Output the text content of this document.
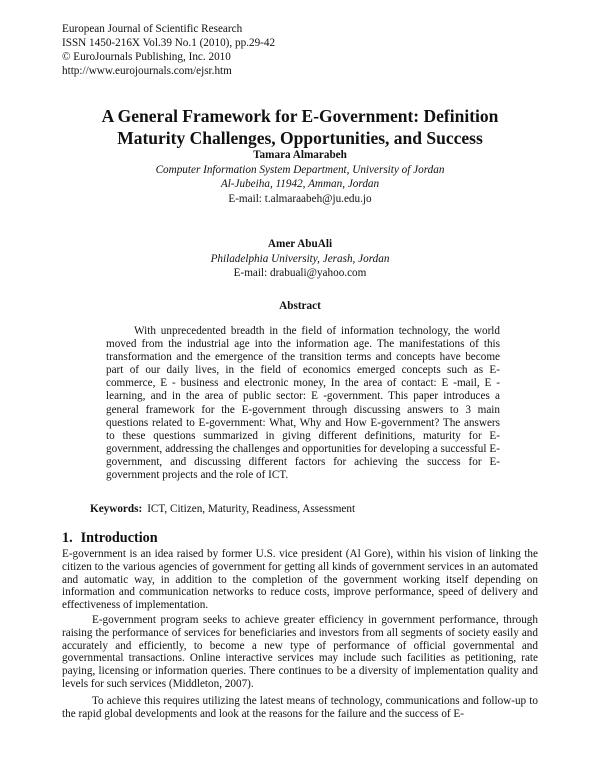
European Journal of Scientific Research
ISSN 1450-216X Vol.39 No.1 (2010), pp.29-42
© EuroJournals Publishing, Inc. 2010
http://www.eurojournals.com/ejsr.htm
A General Framework for E-Government: Definition
Maturity Challenges, Opportunities, and Success
Tamara Almarabeh
Computer Information System Department, University of Jordan
Al-Jubeiha, 11942, Amman, Jordan
E-mail: t.almaraabeh@ju.edu.jo
Amer AbuAli
Philadelphia University, Jerash, Jordan
E-mail: drabuali@yahoo.com
Abstract

With unprecedented breadth in the field of information technology, the world moved from the industrial age into the information age. The manifestations of this transformation and the emergence of the transition terms and concepts have become part of our daily lives, in the field of economics emerged concepts such as E- commerce, E - business and electronic money, In the area of contact: E -mail, E -learning, and in the area of public sector: E -government. This paper introduces a general framework for the E-government through discussing answers to 3 main questions related to E-government: What, Why and How E-government? The answers to these questions summarized in giving different definitions, maturity for E-government, addressing the challenges and opportunities for developing a successful E-government, and discussing different factors for achieving the success for E-government projects and the role of ICT.

Keywords: ICT, Citizen, Maturity, Readiness, Assessment
1. Introduction

E-government is an idea raised by former U.S. vice president (Al Gore), within his vision of linking the citizen to the various agencies of government for getting all kinds of government services in an automated and automatic way, in addition to the completion of the government working itself depending on information and communication networks to reduce costs, improve performance, speed of delivery and effectiveness of implementation.

E-government program seeks to achieve greater efficiency in government performance, through raising the performance of services for beneficiaries and investors from all segments of society easily and accurately and efficiently, to become a new type of performance of official governmental and governmental transactions. Online interactive services may include such facilities as petitioning, rate paying, licensing or information queries. There continues to be a diversity of implementation quality and levels for such services (Middleton, 2007).

To achieve this requires utilizing the latest means of technology, communications and follow-up to the rapid global developments and look at the reasons for the failure and the success of E-
